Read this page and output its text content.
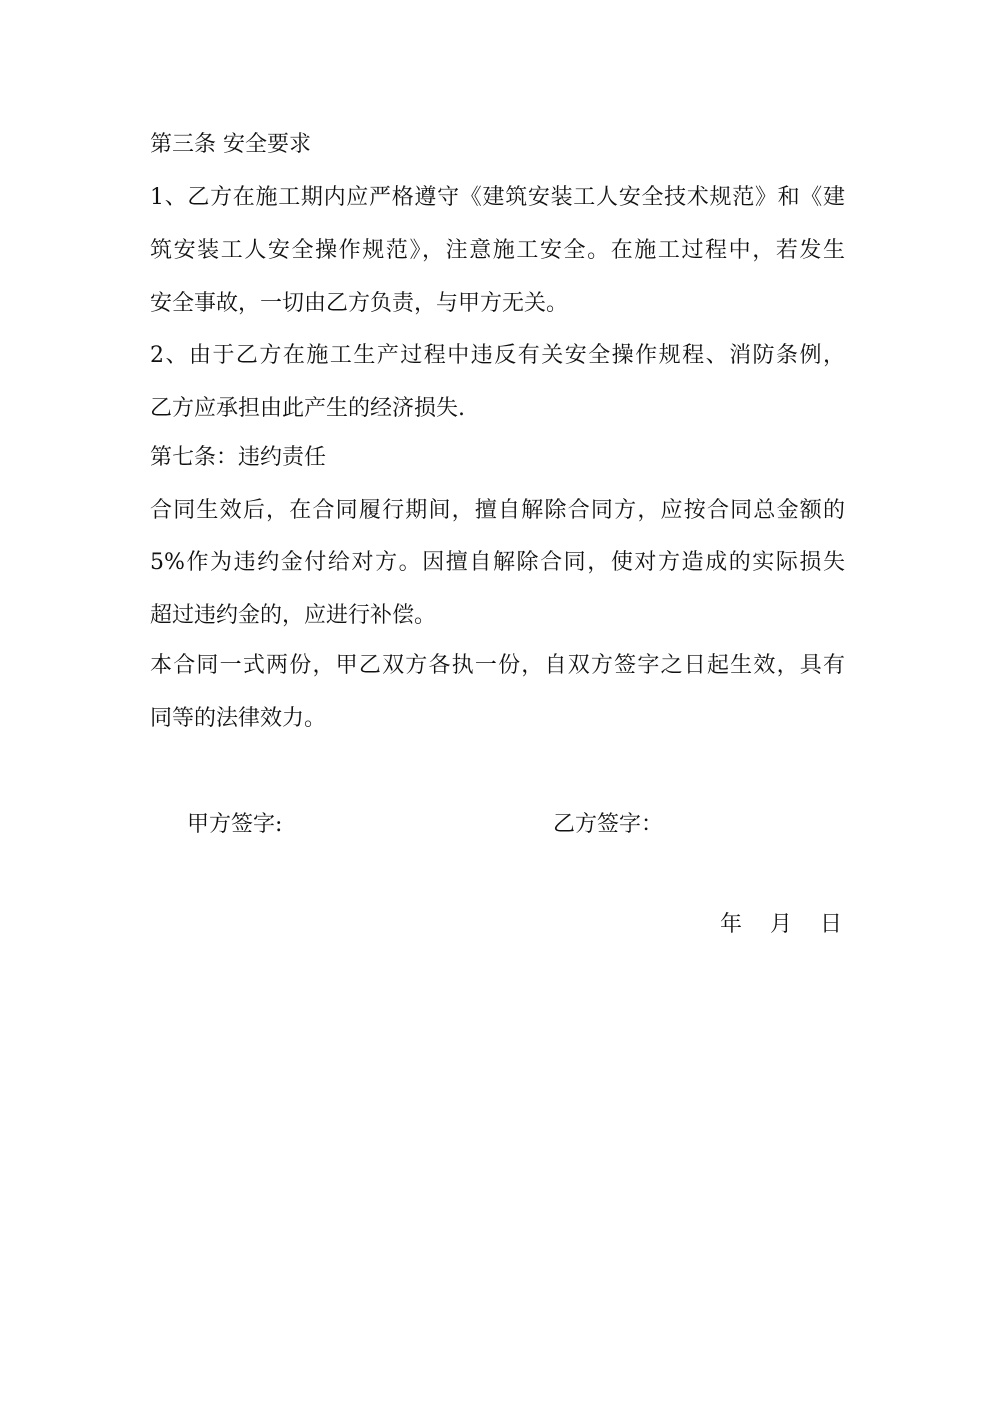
第三条 安全要求
1、乙方在施工期内应严格遵守《建筑安装工人安全技术规范》和《建
筑安装工人安全操作规范》，注意施工安全。在施工过程中，若发生
安全事故，一切由乙方负责，与甲方无关。
2、由于乙方在施工生产过程中违反有关安全操作规程、消防条例，
乙方应承担由此产生的经济损失.
第七条：违约责任
合同生效后，在合同履行期间，擅自解除合同方，应按合同总金额的
5%作为违约金付给对方。因擅自解除合同，使对方造成的实际损失
超过违约金的，应进行补偿。
本合同一式两份，甲乙双方各执一份，自双方签字之日起生效，具有
同等的法律效力。
甲方签字:	乙方签字：
年    月    日
